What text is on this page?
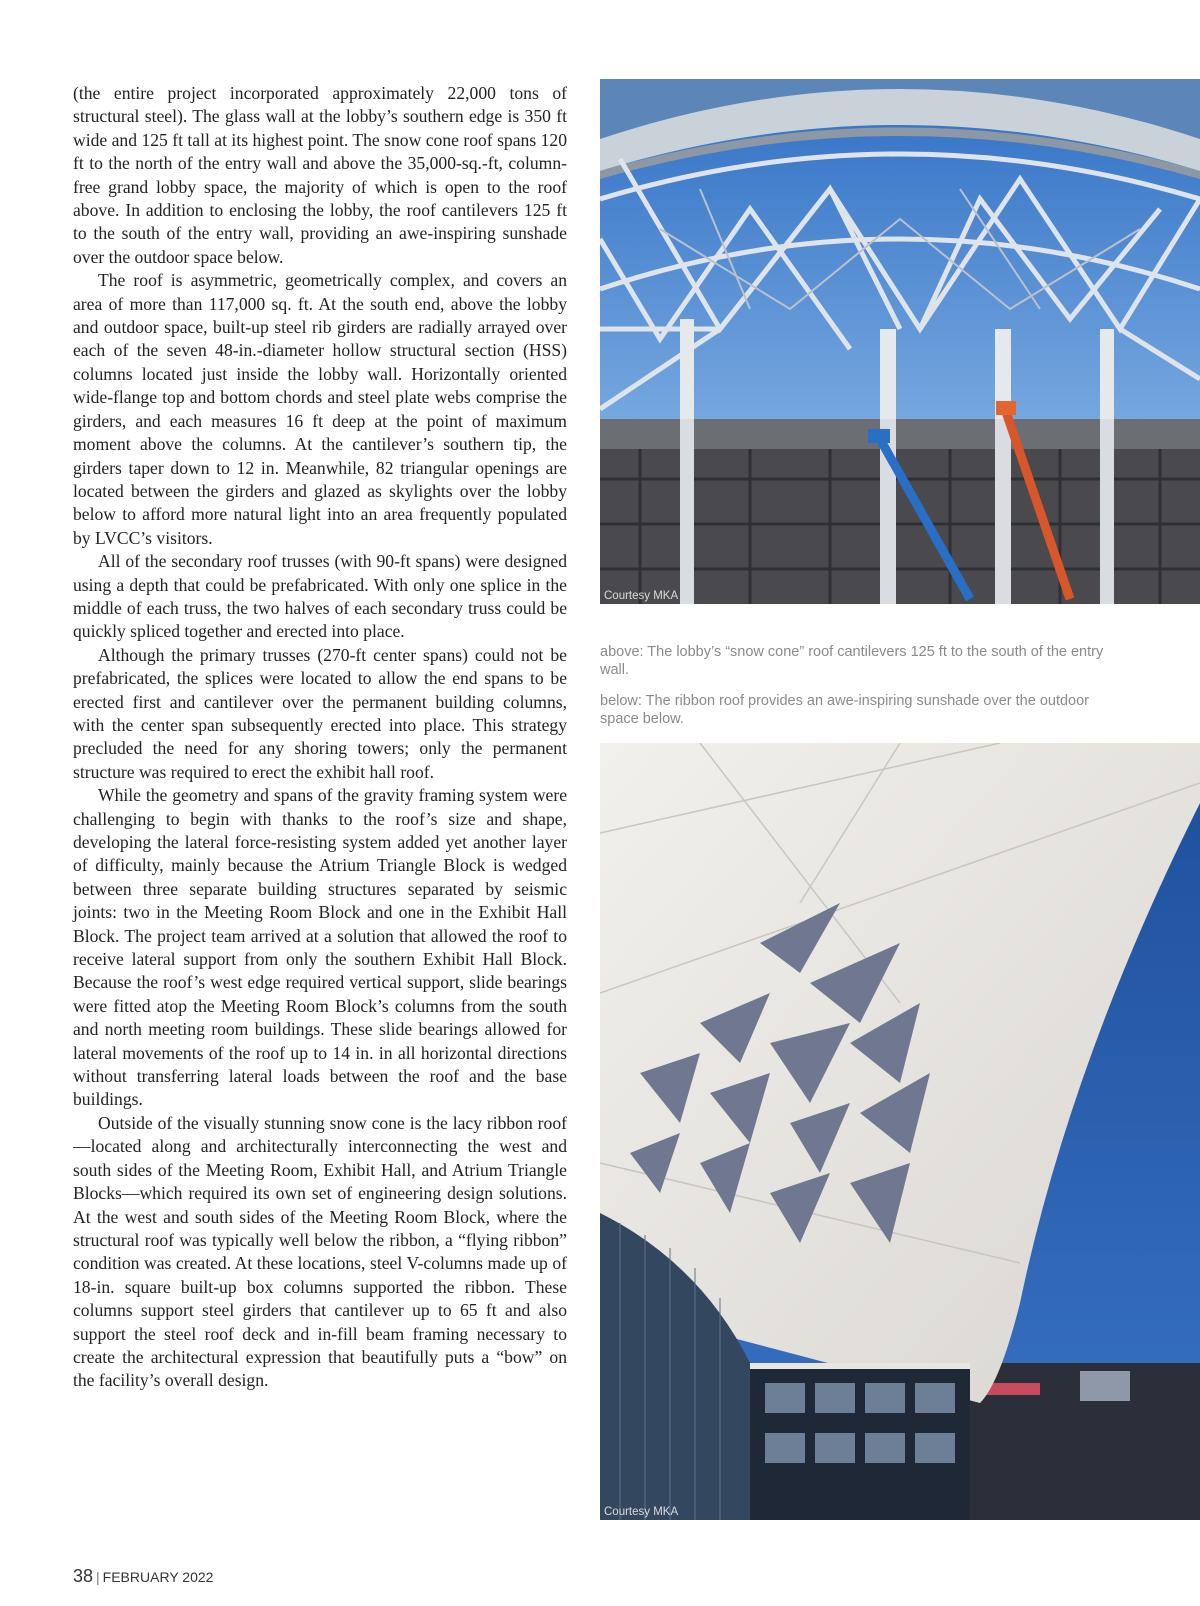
(the entire project incorporated approximately 22,000 tons of structural steel). The glass wall at the lobby’s southern edge is 350 ft wide and 125 ft tall at its highest point. The snow cone roof spans 120 ft to the north of the entry wall and above the 35,000-sq.-ft, column-free grand lobby space, the majority of which is open to the roof above. In addition to enclosing the lobby, the roof cantilevers 125 ft to the south of the entry wall, providing an awe-inspiring sunshade over the outdoor space below.

The roof is asymmetric, geometrically complex, and covers an area of more than 117,000 sq. ft. At the south end, above the lobby and outdoor space, built-up steel rib girders are radially arrayed over each of the seven 48-in.-diameter hollow structural section (HSS) columns located just inside the lobby wall. Horizontally oriented wide-flange top and bottom chords and steel plate webs comprise the girders, and each measures 16 ft deep at the point of maximum moment above the columns. At the cantilever’s southern tip, the girders taper down to 12 in. Meanwhile, 82 triangular openings are located between the girders and glazed as skylights over the lobby below to afford more natural light into an area frequently populated by LVCC’s visitors.

All of the secondary roof trusses (with 90-ft spans) were designed using a depth that could be prefabricated. With only one splice in the middle of each truss, the two halves of each secondary truss could be quickly spliced together and erected into place.

Although the primary trusses (270-ft center spans) could not be prefabricated, the splices were located to allow the end spans to be erected first and cantilever over the permanent building columns, with the center span subsequently erected into place. This strategy precluded the need for any shoring towers; only the permanent structure was required to erect the exhibit hall roof.

While the geometry and spans of the gravity framing system were challenging to begin with thanks to the roof’s size and shape, developing the lateral force-resisting system added yet another layer of difficulty, mainly because the Atrium Triangle Block is wedged between three separate building structures separated by seismic joints: two in the Meeting Room Block and one in the Exhibit Hall Block. The project team arrived at a solution that allowed the roof to receive lateral support from only the southern Exhibit Hall Block. Because the roof’s west edge required vertical support, slide bearings were fitted atop the Meeting Room Block’s columns from the south and north meeting room buildings. These slide bearings allowed for lateral movements of the roof up to 14 in. in all horizontal directions without transferring lateral loads between the roof and the base buildings.

Outside of the visually stunning snow cone is the lacy ribbon roof—located along and architecturally interconnecting the west and south sides of the Meeting Room, Exhibit Hall, and Atrium Triangle Blocks—which required its own set of engineering design solutions. At the west and south sides of the Meeting Room Block, where the structural roof was typically well below the ribbon, a “flying ribbon” condition was created. At these locations, steel V-columns made up of 18-in. square built-up box columns supported the ribbon. These columns support steel girders that cantilever up to 65 ft and also support the steel roof deck and in-fill beam framing necessary to create the architectural expression that beautifully puts a “bow” on the facility’s overall design.

Courtesy MKA

above: The lobby’s “snow cone” roof cantilevers 125 ft to the south of the entry wall.

below: The ribbon roof provides an awe-inspiring sunshade over the outdoor space below.

Courtesy MKA
38 | FEBRUARY 2022
